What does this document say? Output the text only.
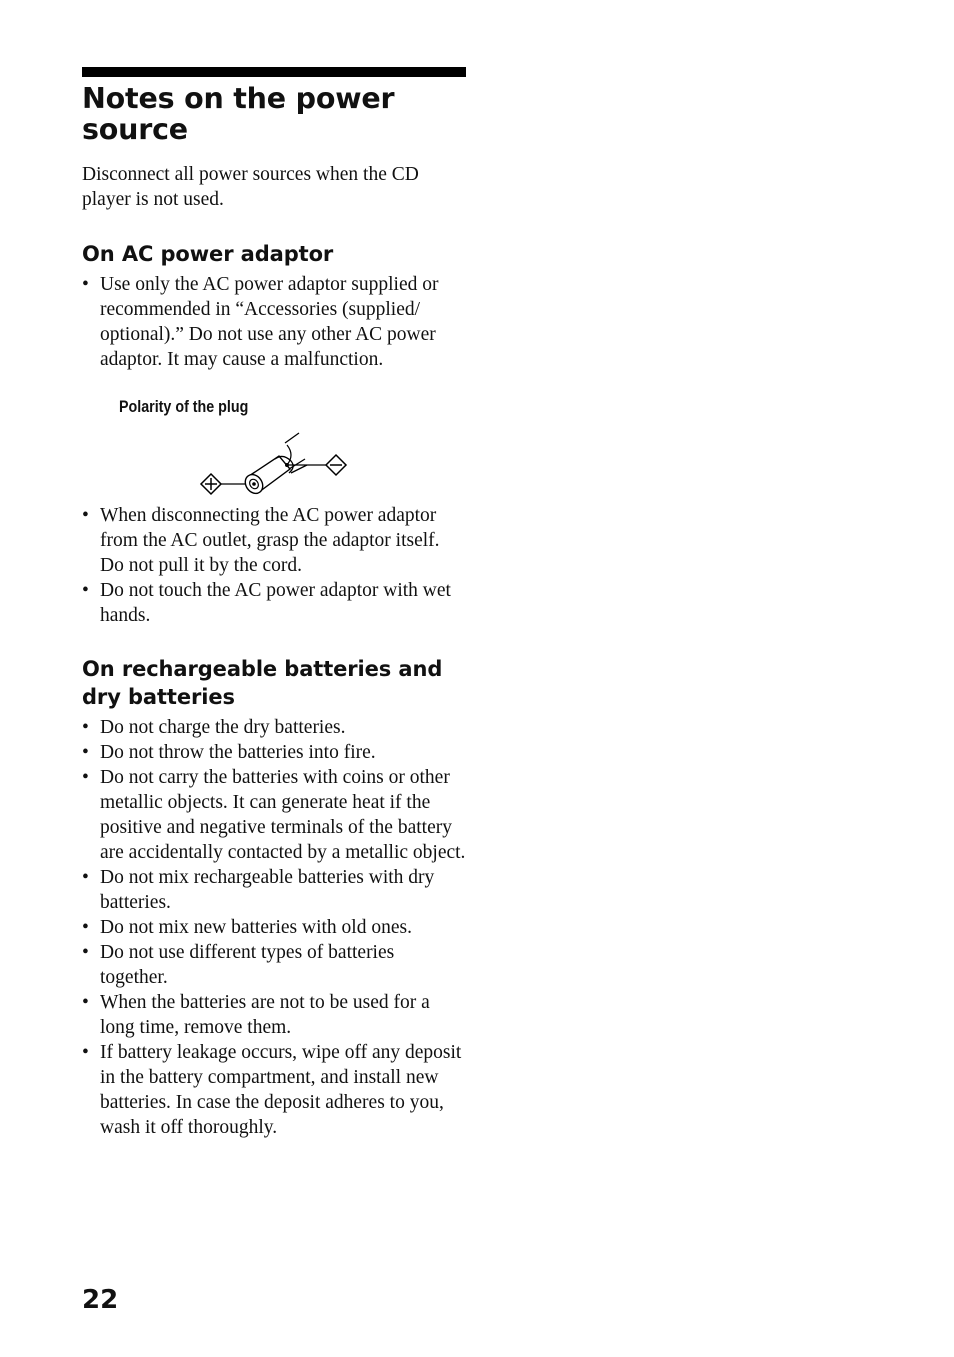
Notes on the power source

Disconnect all power sources when the CD player is not used.

On AC power adaptor
• Use only the AC power adaptor supplied or recommended in “Accessories (supplied/ optional).” Do not use any other AC power adaptor. It may cause a malfunction.
Polarity of the plug
• When disconnecting the AC power adaptor from the AC outlet, grasp the adaptor itself. Do not pull it by the cord.
• Do not touch the AC power adaptor with wet hands.
On rechargeable batteries and dry batteries
• Do not charge the dry batteries.
• Do not throw the batteries into fire.
• Do not carry the batteries with coins or other metallic objects. It can generate heat if the positive and negative terminals of the battery are accidentally contacted by a metallic object.
• Do not mix rechargeable batteries with dry batteries.
• Do not mix new batteries with old ones.
• Do not use different types of batteries together.
• When the batteries are not to be used for a long time, remove them.
• If battery leakage occurs, wipe off any deposit in the battery compartment, and install new batteries. In case the deposit adheres to you, wash it off thoroughly.
22
